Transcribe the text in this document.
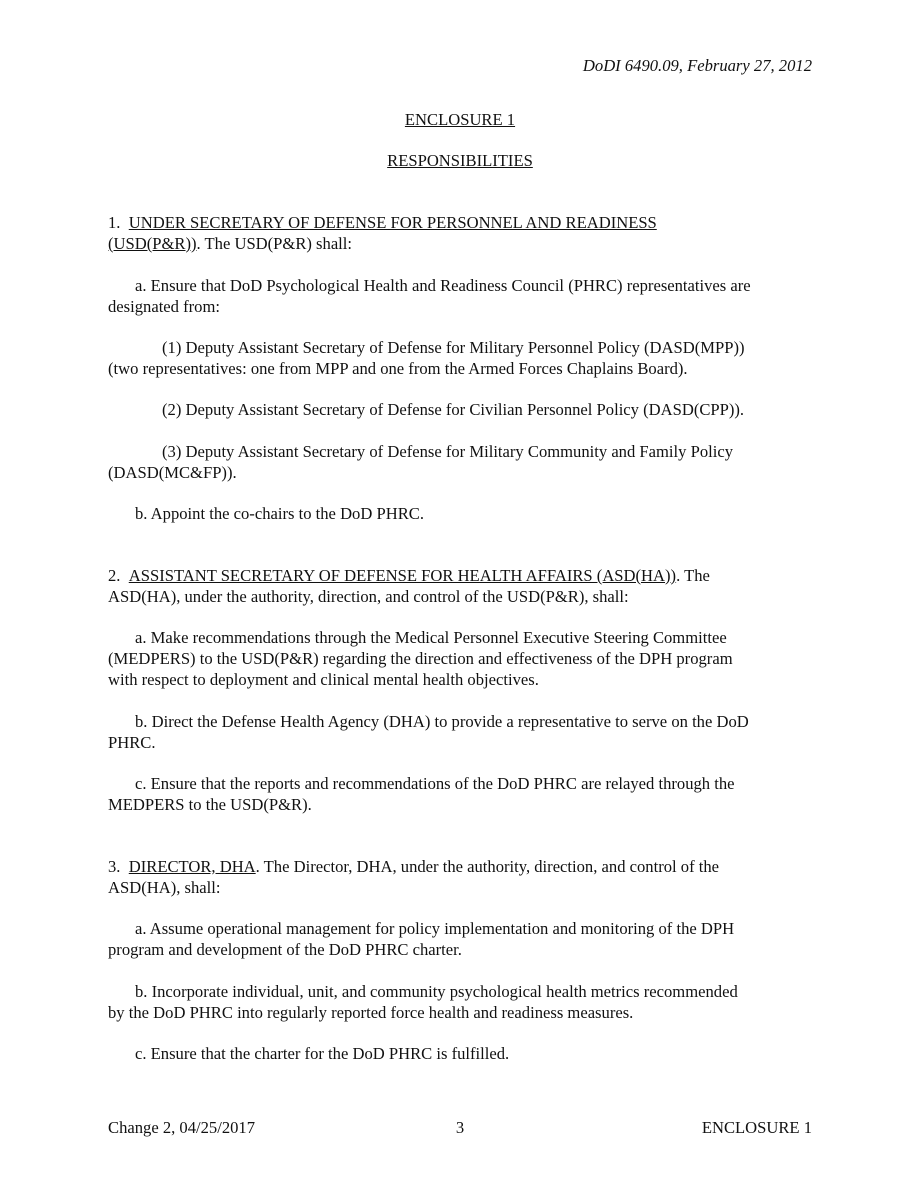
DoDI 6490.09, February 27, 2012

ENCLOSURE 1

RESPONSIBILITIES

1. UNDER SECRETARY OF DEFENSE FOR PERSONNEL AND READINESS

(USD(P&R)). The USD(P&R) shall:

a. Ensure that DoD Psychological Health and Readiness Council (PHRC) representatives are

designated from:

(1) Deputy Assistant Secretary of Defense for Military Personnel Policy (DASD(MPP))

(two representatives: one from MPP and one from the Armed Forces Chaplains Board).

(2) Deputy Assistant Secretary of Defense for Civilian Personnel Policy (DASD(CPP)).

(3) Deputy Assistant Secretary of Defense for Military Community and Family Policy

(DASD(MC&FP)).

b. Appoint the co-chairs to the DoD PHRC.

2. ASSISTANT SECRETARY OF DEFENSE FOR HEALTH AFFAIRS (ASD(HA)). The

ASD(HA), under the authority, direction, and control of the USD(P&R), shall:

a. Make recommendations through the Medical Personnel Executive Steering Committee

(MEDPERS) to the USD(P&R) regarding the direction and effectiveness of the DPH program

with respect to deployment and clinical mental health objectives.

b. Direct the Defense Health Agency (DHA) to provide a representative to serve on the DoD

PHRC.

c. Ensure that the reports and recommendations of the DoD PHRC are relayed through the

MEDPERS to the USD(P&R).

3. DIRECTOR, DHA. The Director, DHA, under the authority, direction, and control of the

ASD(HA), shall:

a. Assume operational management for policy implementation and monitoring of the DPH

program and development of the DoD PHRC charter.

b. Incorporate individual, unit, and community psychological health metrics recommended

by the DoD PHRC into regularly reported force health and readiness measures.

c. Ensure that the charter for the DoD PHRC is fulfilled.

Change 2, 04/25/2017	3	ENCLOSURE 1
